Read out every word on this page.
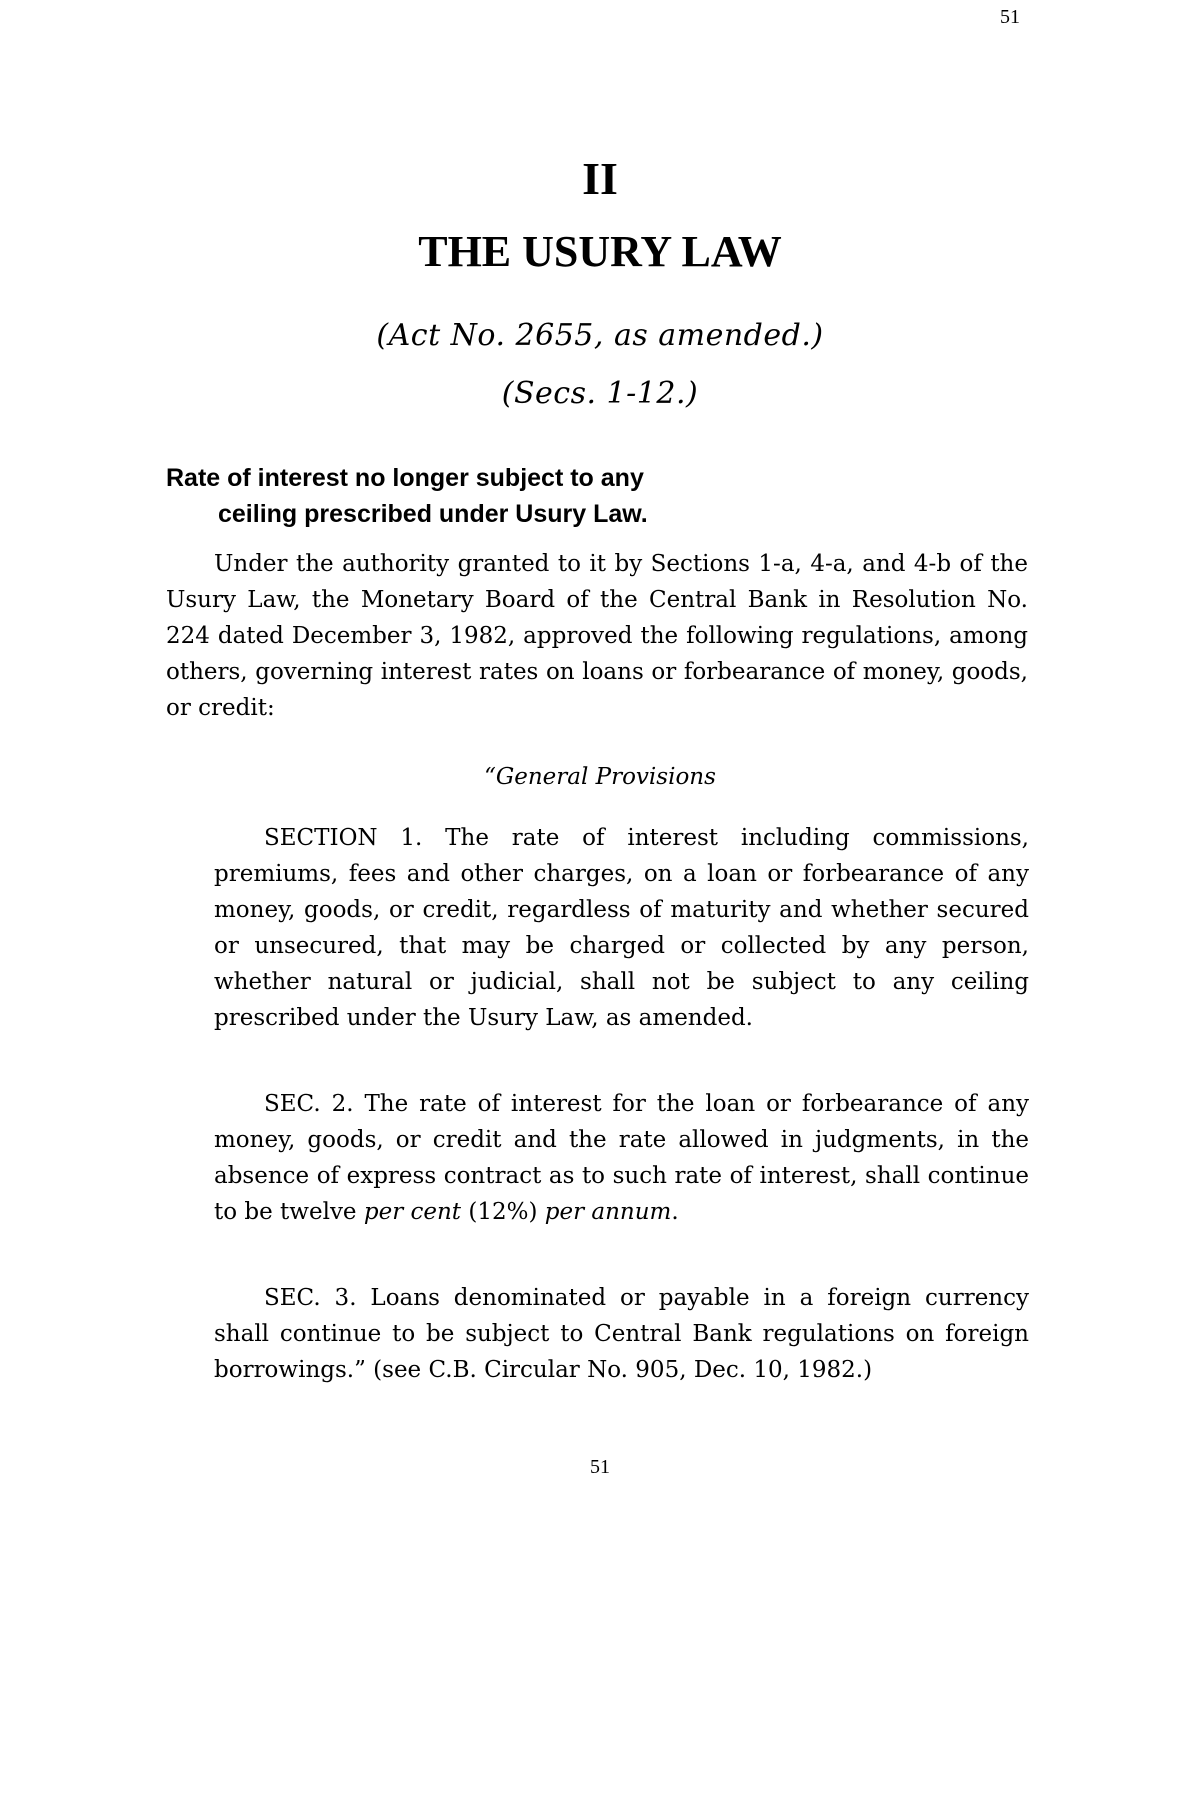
51
II
THE USURY LAW
(Act No. 2655, as amended.)
(Secs. 1-12.)
Rate of interest no longer subject to any
ceiling prescribed under Usury Law.

Under the authority granted to it by Sections 1-a, 4-a, and 4-b of the Usury Law, the Monetary Board of the Central Bank in Resolution No. 224 dated December 3, 1982, approved the following regulations, among others, governing interest rates on loans or forbearance of money, goods, or credit:

“General Provisions

SECTION 1. The rate of interest including commissions, premiums, fees and other charges, on a loan or forbearance of any money, goods, or credit, regardless of maturity and whether secured or unsecured, that may be charged or collected by any person, whether natural or judicial, shall not be subject to any ceiling prescribed under the Usury Law, as amended.

SEC. 2. The rate of interest for the loan or forbearance of any money, goods, or credit and the rate allowed in judgments, in the absence of express contract as to such rate of interest, shall continue to be twelve per cent (12%) per annum.

SEC. 3. Loans denominated or payable in a foreign currency shall continue to be subject to Central Bank regulations on foreign borrowings.” (see C.B. Circular No. 905, Dec. 10, 1982.)

51
